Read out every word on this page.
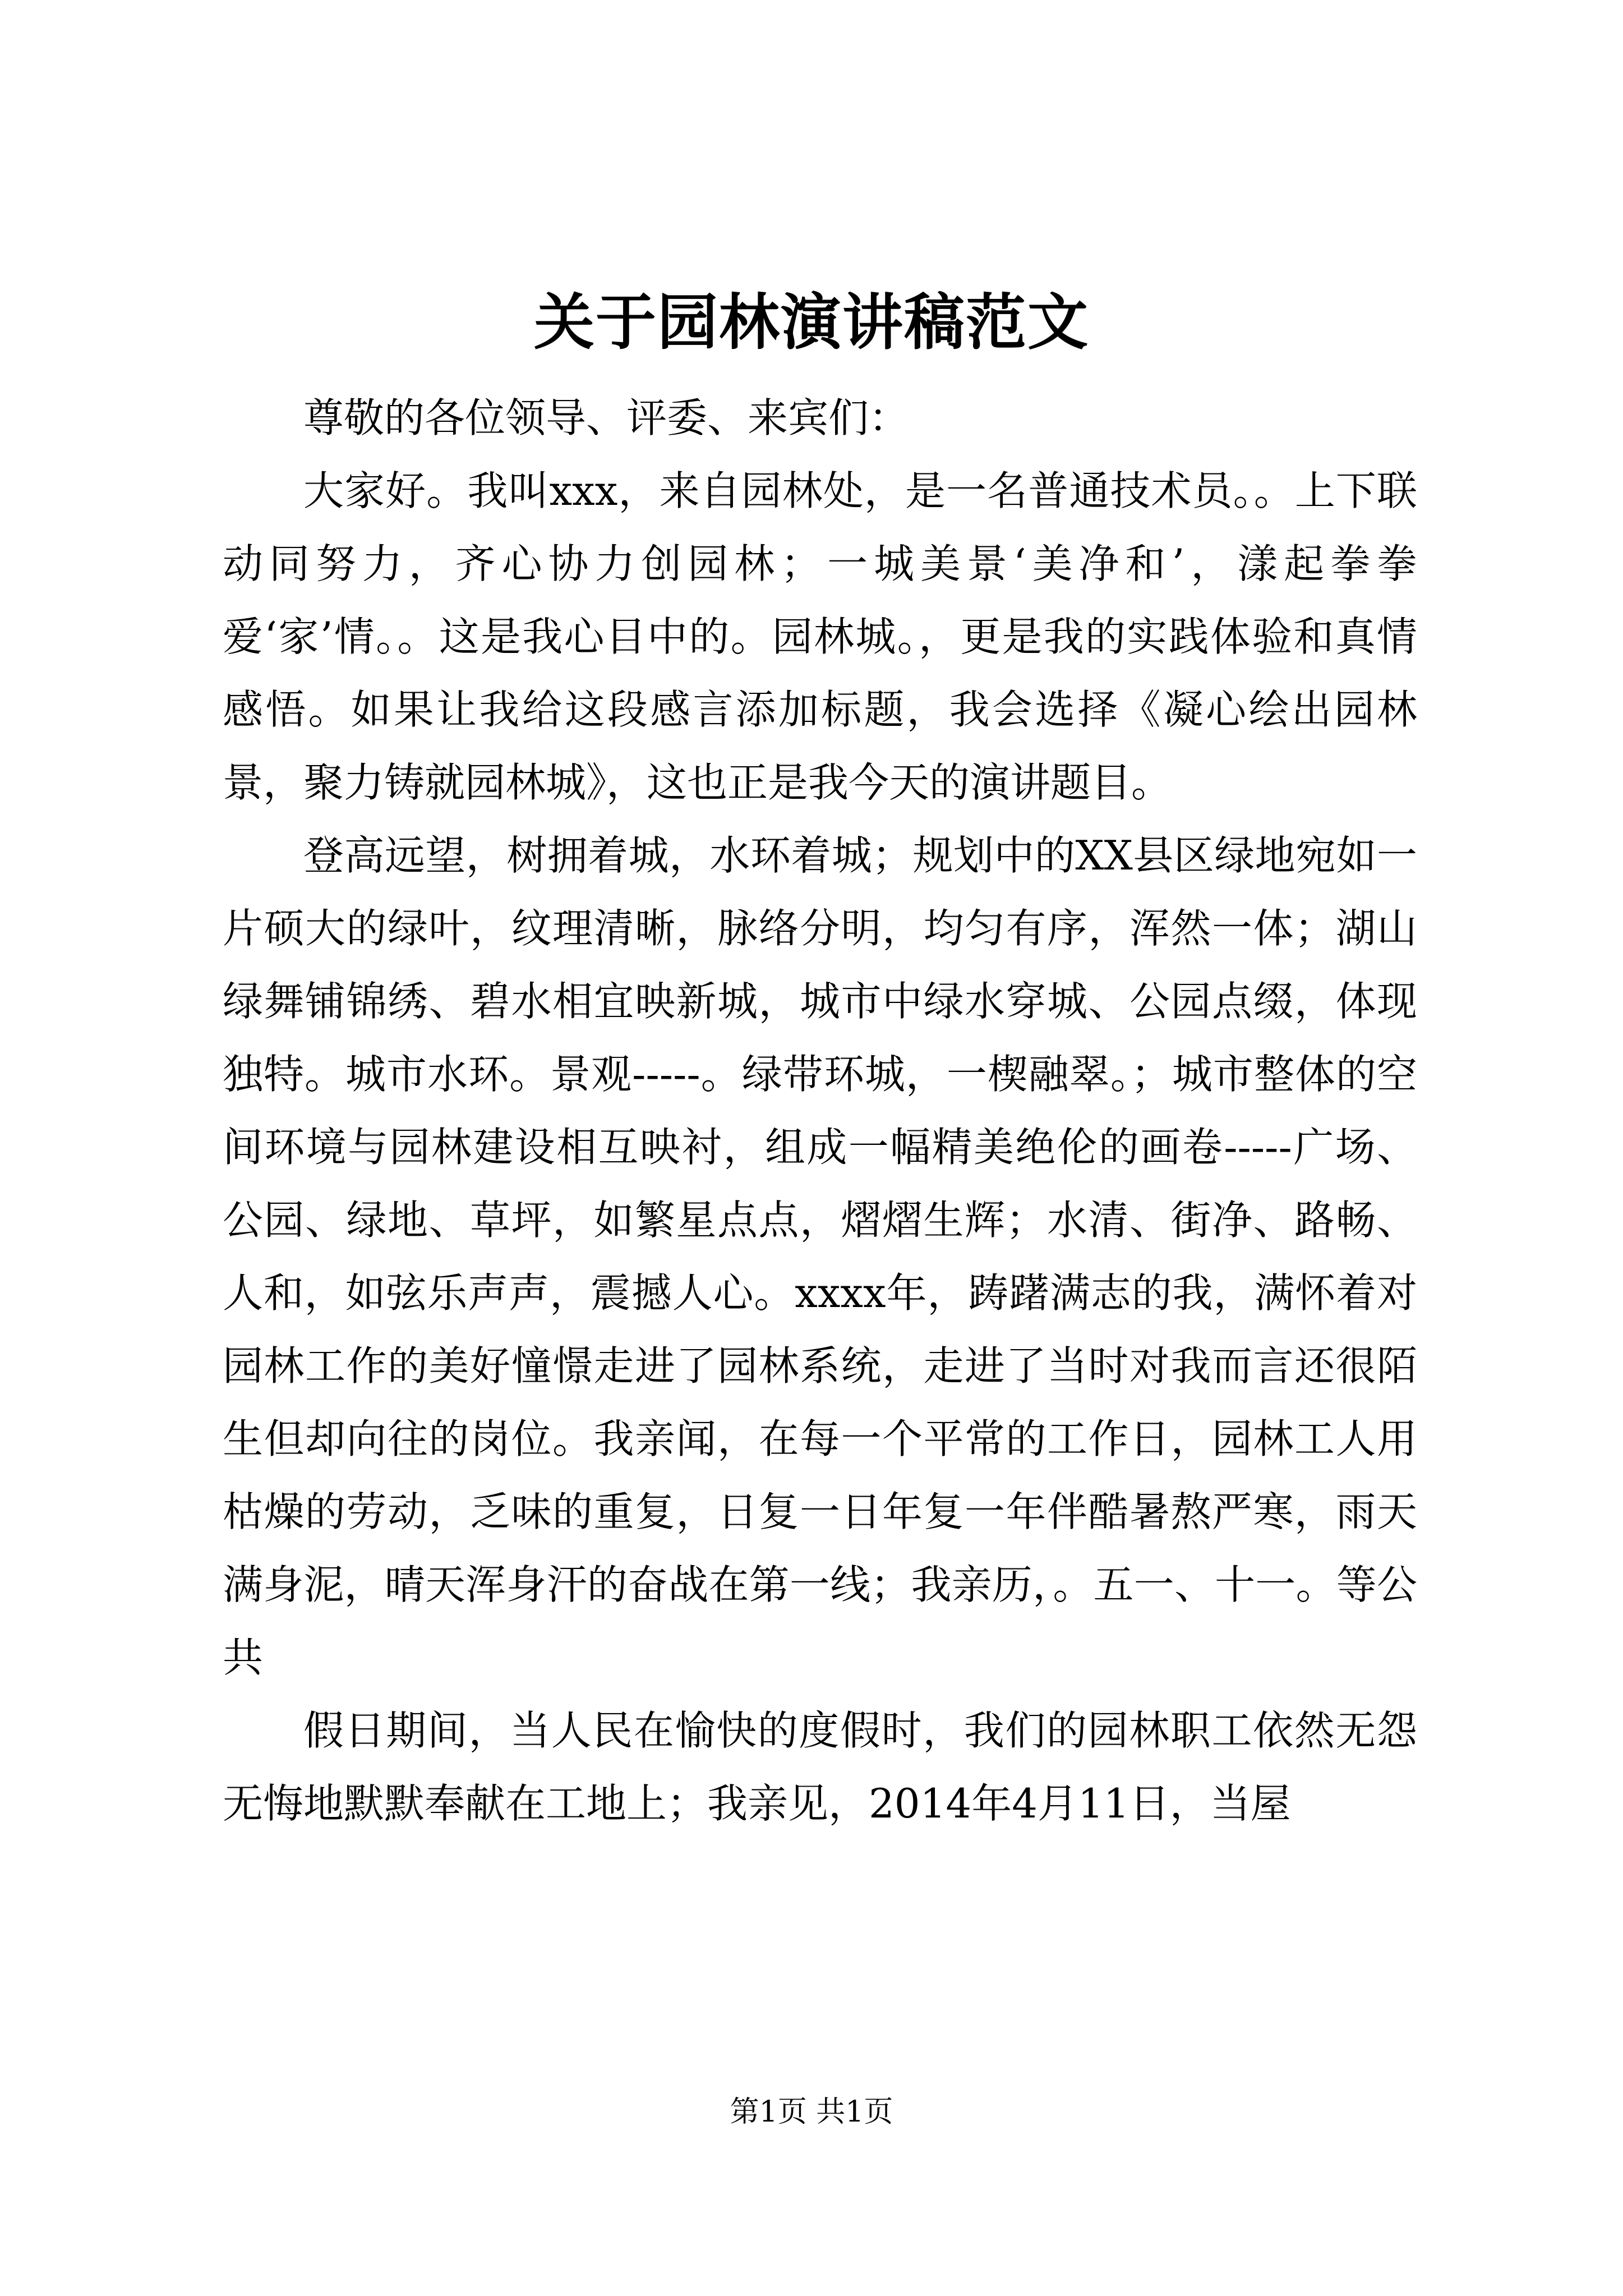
关于园林演讲稿范文

尊敬的各位领导、评委、来宾们：

大家好。我叫xxx，来自园林处，是一名普通技术员。。上下联动同努力，齐心协力创园林；一城美景‘美净和’，漾起拳拳爱‘家’情。。这是我心目中的。园林城。，更是我的实践体验和真情感悟。如果让我给这段感言添加标题，我会选择《凝心绘出园林景，聚力铸就园林城》，这也正是我今天的演讲题目。

登高远望，树拥着城，水环着城；规划中的XX县区绿地宛如一片硕大的绿叶，纹理清晰，脉络分明，均匀有序，浑然一体；湖山绿舞铺锦绣、碧水相宜映新城，城市中绿水穿城、公园点缀，体现独特。城市水环。景观-----。绿带环城，一楔融翠。；城市整体的空间环境与园林建设相互映衬，组成一幅精美绝伦的画卷-----广场、公园、绿地、草坪，如繁星点点，熠熠生辉；水清、街净、路畅、人和，如弦乐声声，震撼人心。xxxx年，踌躇满志的我，满怀着对园林工作的美好憧憬走进了园林系统，走进了当时对我而言还很陌生但却向往的岗位。我亲闻，在每一个平常的工作日，园林工人用枯燥的劳动，乏味的重复，日复一日年复一年伴酷暑熬严寒，雨天满身泥，晴天浑身汗的奋战在第一线；我亲历，。五一、十一。等公共

假日期间，当人民在愉快的度假时，我们的园林职工依然无怨无悔地默默奉献在工地上；我亲见，2014年4月11日，当屋

第1页 共1页
